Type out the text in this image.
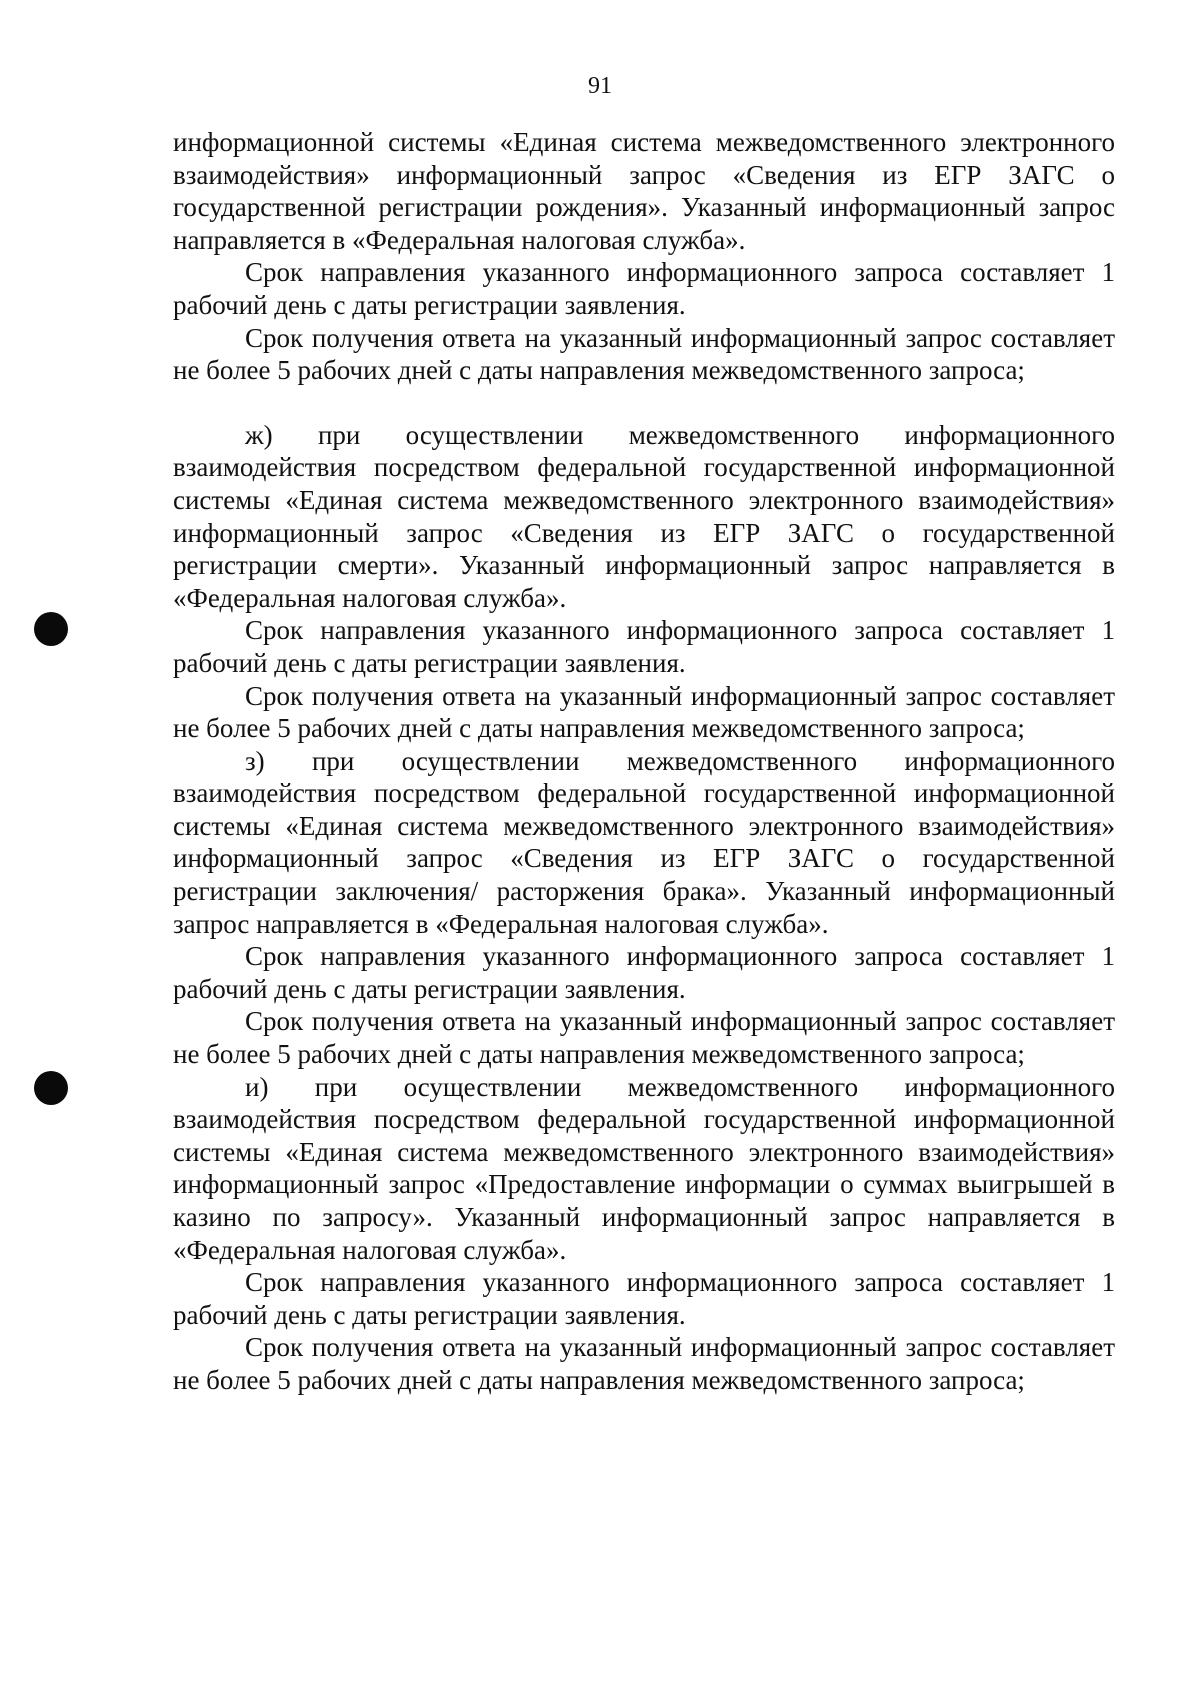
91

информационной системы «Единая система межведомственного электронного взаимодействия» информационный запрос «Сведения из ЕГР ЗАГС о государственной регистрации рождения». Указанный информационный запрос направляется в «Федеральная налоговая служба».

Срок направления указанного информационного запроса составляет 1 рабочий день с даты регистрации заявления.

Срок получения ответа на указанный информационный запрос составляет не более 5 рабочих дней с даты направления межведомственного запроса;

ж) при осуществлении межведомственного информационного взаимодействия посредством федеральной государственной информационной системы «Единая система межведомственного электронного взаимодействия» информационный запрос «Сведения из ЕГР ЗАГС о государственной регистрации смерти». Указанный информационный запрос направляется в «Федеральная налоговая служба».

Срок направления указанного информационного запроса составляет 1 рабочий день с даты регистрации заявления.

Срок получения ответа на указанный информационный запрос составляет не более 5 рабочих дней с даты направления межведомственного запроса;

з) при осуществлении межведомственного информационного взаимодействия посредством федеральной государственной информационной системы «Единая система межведомственного электронного взаимодействия» информационный запрос «Сведения из ЕГР ЗАГС о государственной регистрации заключения/ расторжения брака». Указанный информационный запрос направляется в «Федеральная налоговая служба».

Срок направления указанного информационного запроса составляет 1 рабочий день с даты регистрации заявления.

Срок получения ответа на указанный информационный запрос составляет не более 5 рабочих дней с даты направления межведомственного запроса;

и) при осуществлении межведомственного информационного взаимодействия посредством федеральной государственной информационной системы «Единая система межведомственного электронного взаимодействия» информационный запрос «Предоставление информации о суммах выигрышей в казино по запросу». Указанный информационный запрос направляется в «Федеральная налоговая служба».

Срок направления указанного информационного запроса составляет 1 рабочий день с даты регистрации заявления.

Срок получения ответа на указанный информационный запрос составляет не более 5 рабочих дней с даты направления межведомственного запроса;
